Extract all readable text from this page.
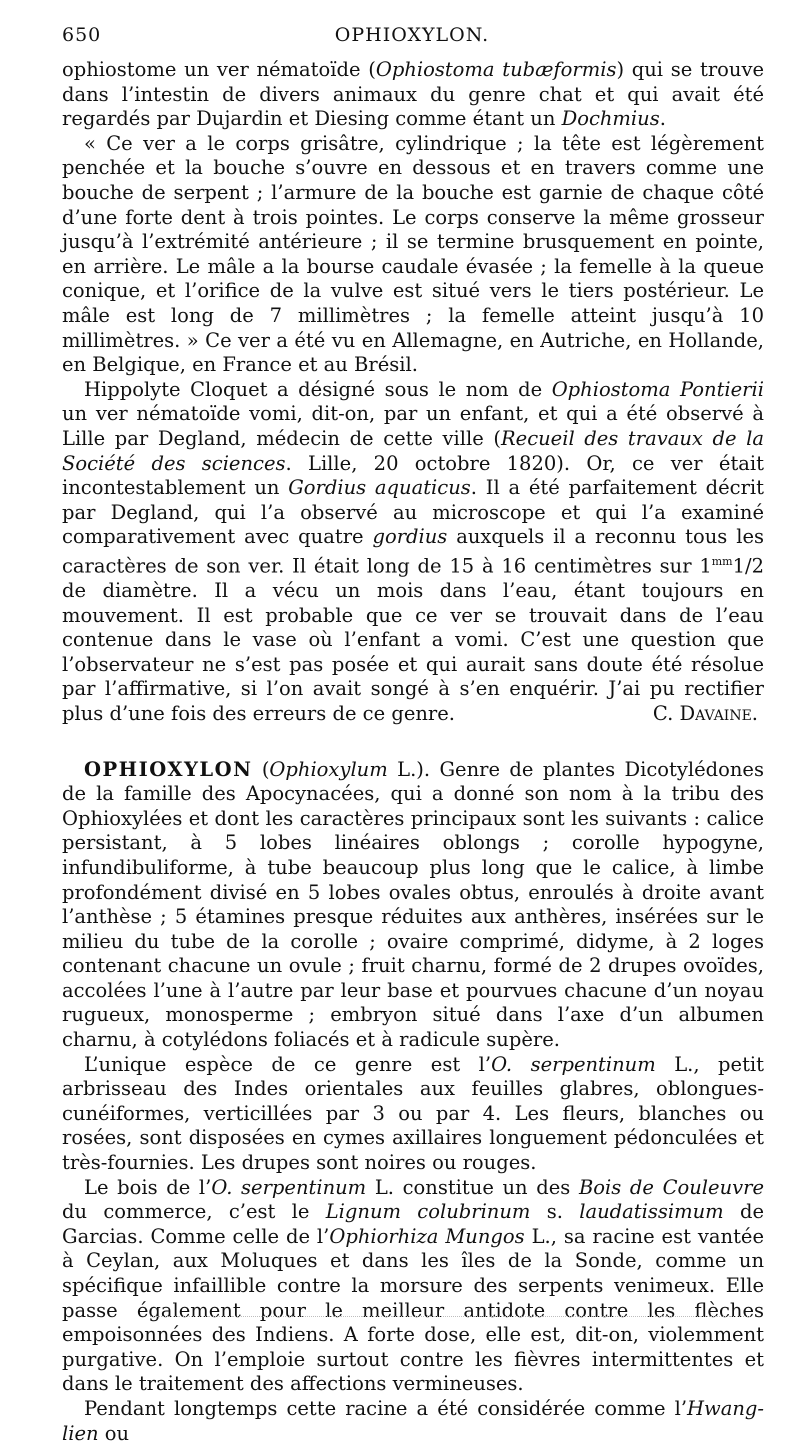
650	OPHIOXYLON.

ophiostome un ver nématoïde (Ophiostoma tubæformis) qui se trouve dans l’intestin de divers animaux du genre chat et qui avait été regardés par Dujardin et Diesing comme étant un Dochmius.

« Ce ver a le corps grisâtre, cylindrique ; la tête est légèrement penchée et la bouche s’ouvre en dessous et en travers comme une bouche de serpent ; l’armure de la bouche est garnie de chaque côté d’une forte dent à trois pointes. Le corps conserve la même grosseur jusqu’à l’extrémité antérieure ; il se termine brusquement en pointe, en arrière. Le mâle a la bourse caudale évasée ; la femelle à la queue conique, et l’orifice de la vulve est situé vers le tiers postérieur. Le mâle est long de 7 millimètres ; la femelle atteint jusqu’à 10 millimètres. » Ce ver a été vu en Allemagne, en Autriche, en Hollande, en Belgique, en France et au Brésil.

Hippolyte Cloquet a désigné sous le nom de Ophiostoma Pontierii un ver nématoïde vomi, dit-on, par un enfant, et qui a été observé à Lille par Degland, médecin de cette ville (Recueil des travaux de la Société des sciences. Lille, 20 octobre 1820). Or, ce ver était incontestablement un Gordius aquaticus. Il a été parfaitement décrit par Degland, qui l’a observé au microscope et qui l’a examiné comparativement avec quatre gordius auxquels il a reconnu tous les caractères de son ver. Il était long de 15 à 16 centimètres sur $1^{mm}1/2$ de diamètre. Il a vécu un mois dans l’eau, étant toujours en mouvement. Il est probable que ce ver se trouvait dans de l’eau contenue dans le vase où l’enfant a vomi. C’est une question que l’observateur ne s’est pas posée et qui aurait sans doute été résolue par l’affirmative, si l’on avait songé à s’en enquérir. J’ai pu rectifier plus d’une fois des erreurs de ce genre.	C. Davaine.

OPHIOXYLON (Ophioxylum L.). Genre de plantes Dicotylédones de la famille des Apocynacées, qui a donné son nom à la tribu des Ophioxylées et dont les caractères principaux sont les suivants : calice persistant, à 5 lobes linéaires oblongs ; corolle hypogyne, infundibuliforme, à tube beaucoup plus long que le calice, à limbe profondément divisé en 5 lobes ovales obtus, enroulés à droite avant l’anthèse ; 5 étamines presque réduites aux anthères, insérées sur le milieu du tube de la corolle ; ovaire comprimé, didyme, à 2 loges contenant chacune un ovule ; fruit charnu, formé de 2 drupes ovoïdes, accolées l’une à l’autre par leur base et pourvues chacune d’un noyau rugueux, monosperme ; embryon situé dans l’axe d’un albumen charnu, à cotylédons foliacés et à radicule supère.

L’unique espèce de ce genre est l’O. serpentinum L., petit arbrisseau des Indes orientales aux feuilles glabres, oblongues-cunéiformes, verticillées par 3 ou par 4. Les fleurs, blanches ou rosées, sont disposées en cymes axillaires longuement pédonculées et très-fournies. Les drupes sont noires ou rouges.

Le bois de l’O. serpentinum L. constitue un des Bois de Couleuvre du commerce, c’est le Lignum colubrinum s. laudatissimum de Garcias. Comme celle de l’Ophiorhiza Mungos L., sa racine est vantée à Ceylan, aux Moluques et dans les îles de la Sonde, comme un spécifique infaillible contre la morsure des serpents venimeux. Elle passe également pour le meilleur antidote contre les flèches empoisonnées des Indiens. A forte dose, elle est, dit-on, violemment purgative. On l’emploie surtout contre les fièvres intermittentes et dans le traitement des affections vermineuses.

Pendant longtemps cette racine a été considérée comme l’Hwang-lien ou
